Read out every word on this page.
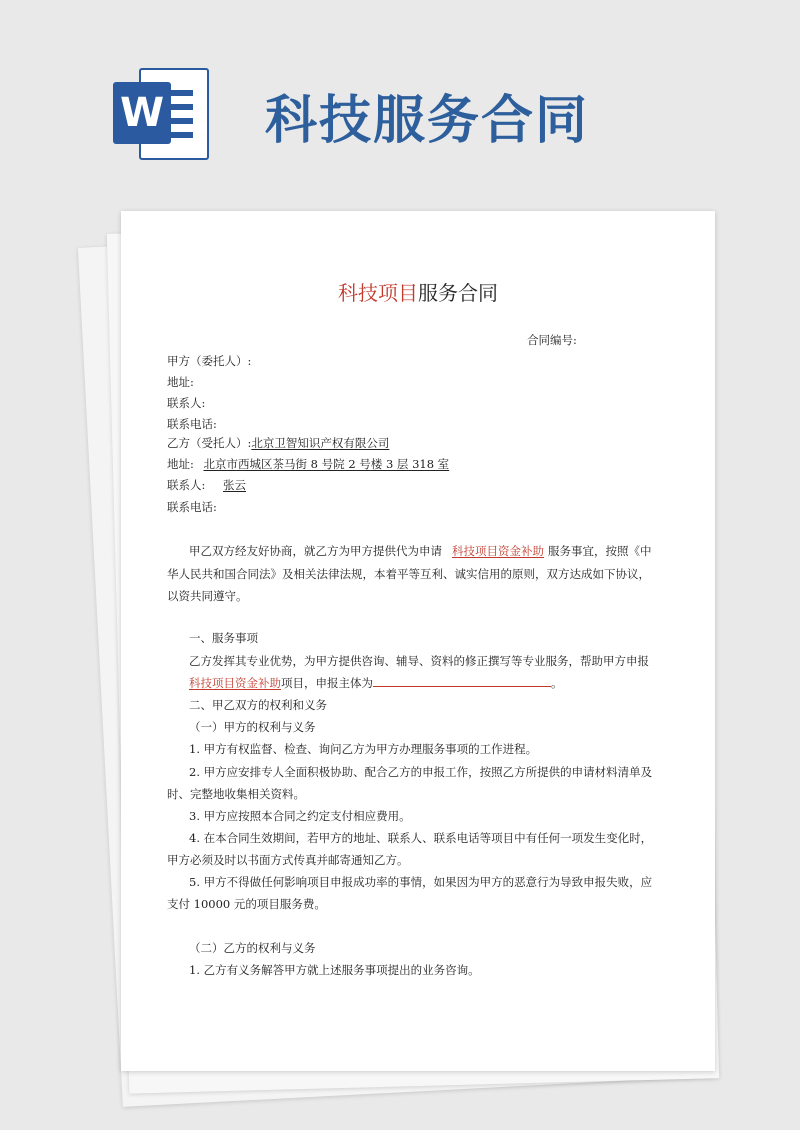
W 科技服务合同
科技项目服务合同
合同编号:
甲方（委托人）:
地址:
联系人:
联系电话:
乙方（受托人）:北京卫智知识产权有限公司
地址: 北京市西城区茶马街 8 号院 2 号楼 3 层 318 室
联系人: 张云
联系电话:
甲乙双方经友好协商，就乙方为甲方提供代为申请 科技项目资金补助 服务事宜，按照《中
华人民共和国合同法》及相关法律法规，本着平等互利、诚实信用的原则，双方达成如下协议，
以资共同遵守。
一、服务事项
乙方发挥其专业优势，为甲方提供咨询、辅导、资料的修正撰写等专业服务，帮助甲方申报
科技项目资金补助项目，申报主体为	。
二、甲乙双方的权利和义务
（一）甲方的权利与义务
1. 甲方有权监督、检查、询问乙方为甲方办理服务事项的工作进程。
2. 甲方应安排专人全面积极协助、配合乙方的申报工作，按照乙方所提供的申请材料清单及
时、完整地收集相关资料。
3. 甲方应按照本合同之约定支付相应费用。
4. 在本合同生效期间，若甲方的地址、联系人、联系电话等项目中有任何一项发生变化时，
甲方必须及时以书面方式传真并邮寄通知乙方。
5. 甲方不得做任何影响项目申报成功率的事情，如果因为甲方的恶意行为导致申报失败，应
支付 10000 元的项目服务费。
（二）乙方的权利与义务
1. 乙方有义务解答甲方就上述服务事项提出的业务咨询。
